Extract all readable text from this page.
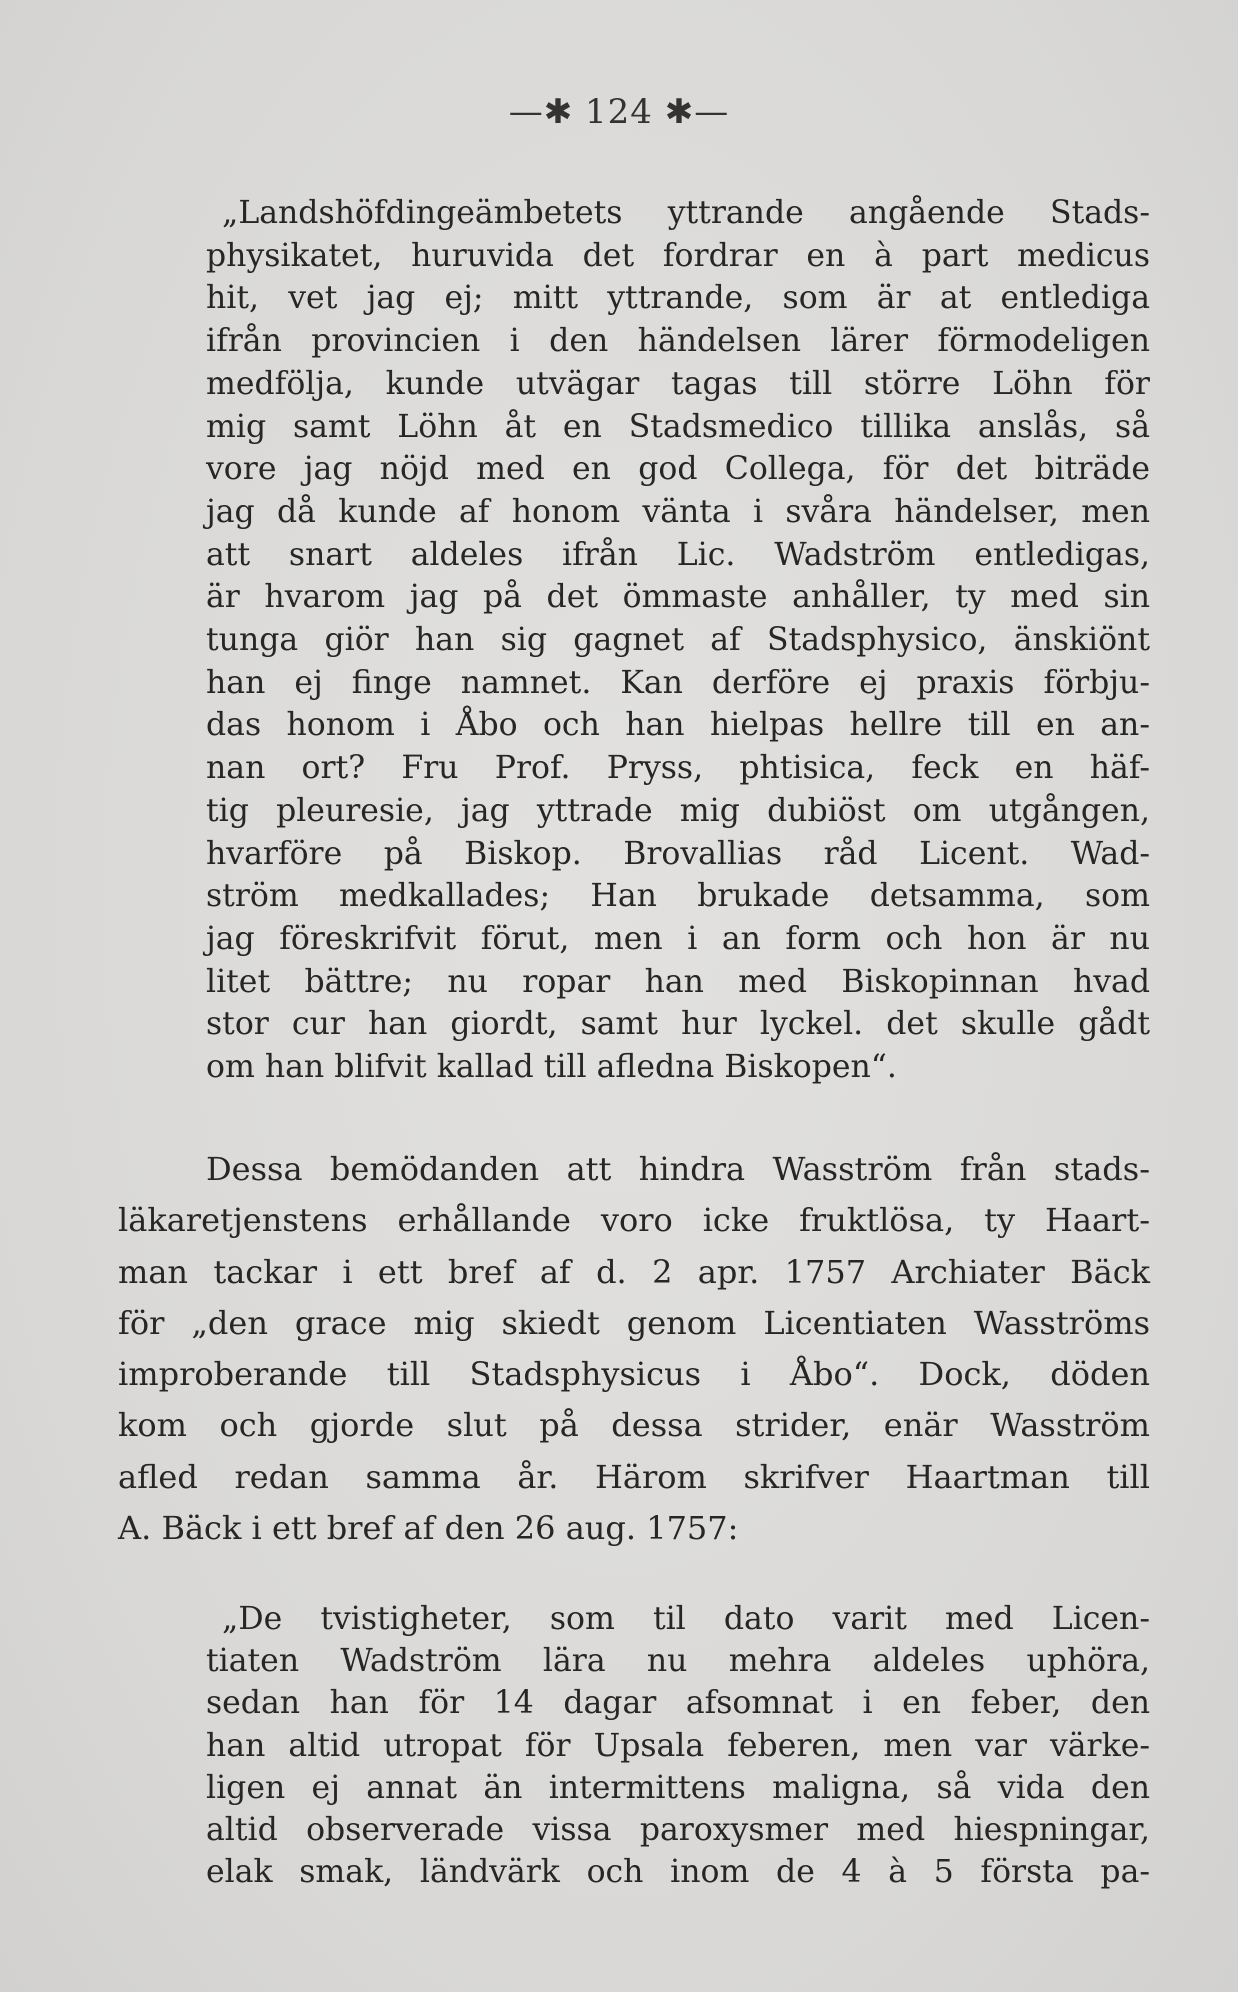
—✱ 124 ✱—
„Landshöfdingeämbetets yttrande angående Stads-
physikatet, huruvida det fordrar en à part medicus
hit, vet jag ej; mitt yttrande, som är at entlediga
ifrån provincien i den händelsen lärer förmodeligen
medfölja, kunde utvägar tagas till större Löhn för
mig samt Löhn åt en Stadsmedico tillika anslås, så
vore jag nöjd med en god Collega, för det biträde
jag då kunde af honom vänta i svåra händelser, men
att snart aldeles ifrån Lic. Wadström entledigas,
är hvarom jag på det ömmaste anhåller, ty med sin
tunga giör han sig gagnet af Stadsphysico, änskiönt
han ej finge namnet. Kan derföre ej praxis förbju-
das honom i Åbo och han hielpas hellre till en an-
nan ort? Fru Prof. Pryss, phtisica, feck en häf-
tig pleuresie, jag yttrade mig dubiöst om utgången,
hvarföre på Biskop. Brovallias råd Licent. Wad-
ström medkallades; Han brukade detsamma, som
jag föreskrifvit förut, men i an form och hon är nu
litet bättre; nu ropar han med Biskopinnan hvad
stor cur han giordt, samt hur lyckel. det skulle gådt
om han blifvit kallad till afledna Biskopen“.
Dessa bemödanden att hindra Wasström från stads-
läkaretjenstens erhållande voro icke fruktlösa, ty Haart-
man tackar i ett bref af d. 2 apr. 1757 Archiater Bäck
för „den grace mig skiedt genom Licentiaten Wasströms
improberande till Stadsphysicus i Åbo“. Dock, döden
kom och gjorde slut på dessa strider, enär Wasström
afled redan samma år. Härom skrifver Haartman till
A. Bäck i ett bref af den 26 aug. 1757:
„De tvistigheter, som til dato varit med Licen-
tiaten Wadström lära nu mehra aldeles uphöra,
sedan han för 14 dagar afsomnat i en feber, den
han altid utropat för Upsala feberen, men var värke-
ligen ej annat än intermittens maligna, så vida den
altid observerade vissa paroxysmer med hiespningar,
elak smak, ländvärk och inom de 4 à 5 första pa-
